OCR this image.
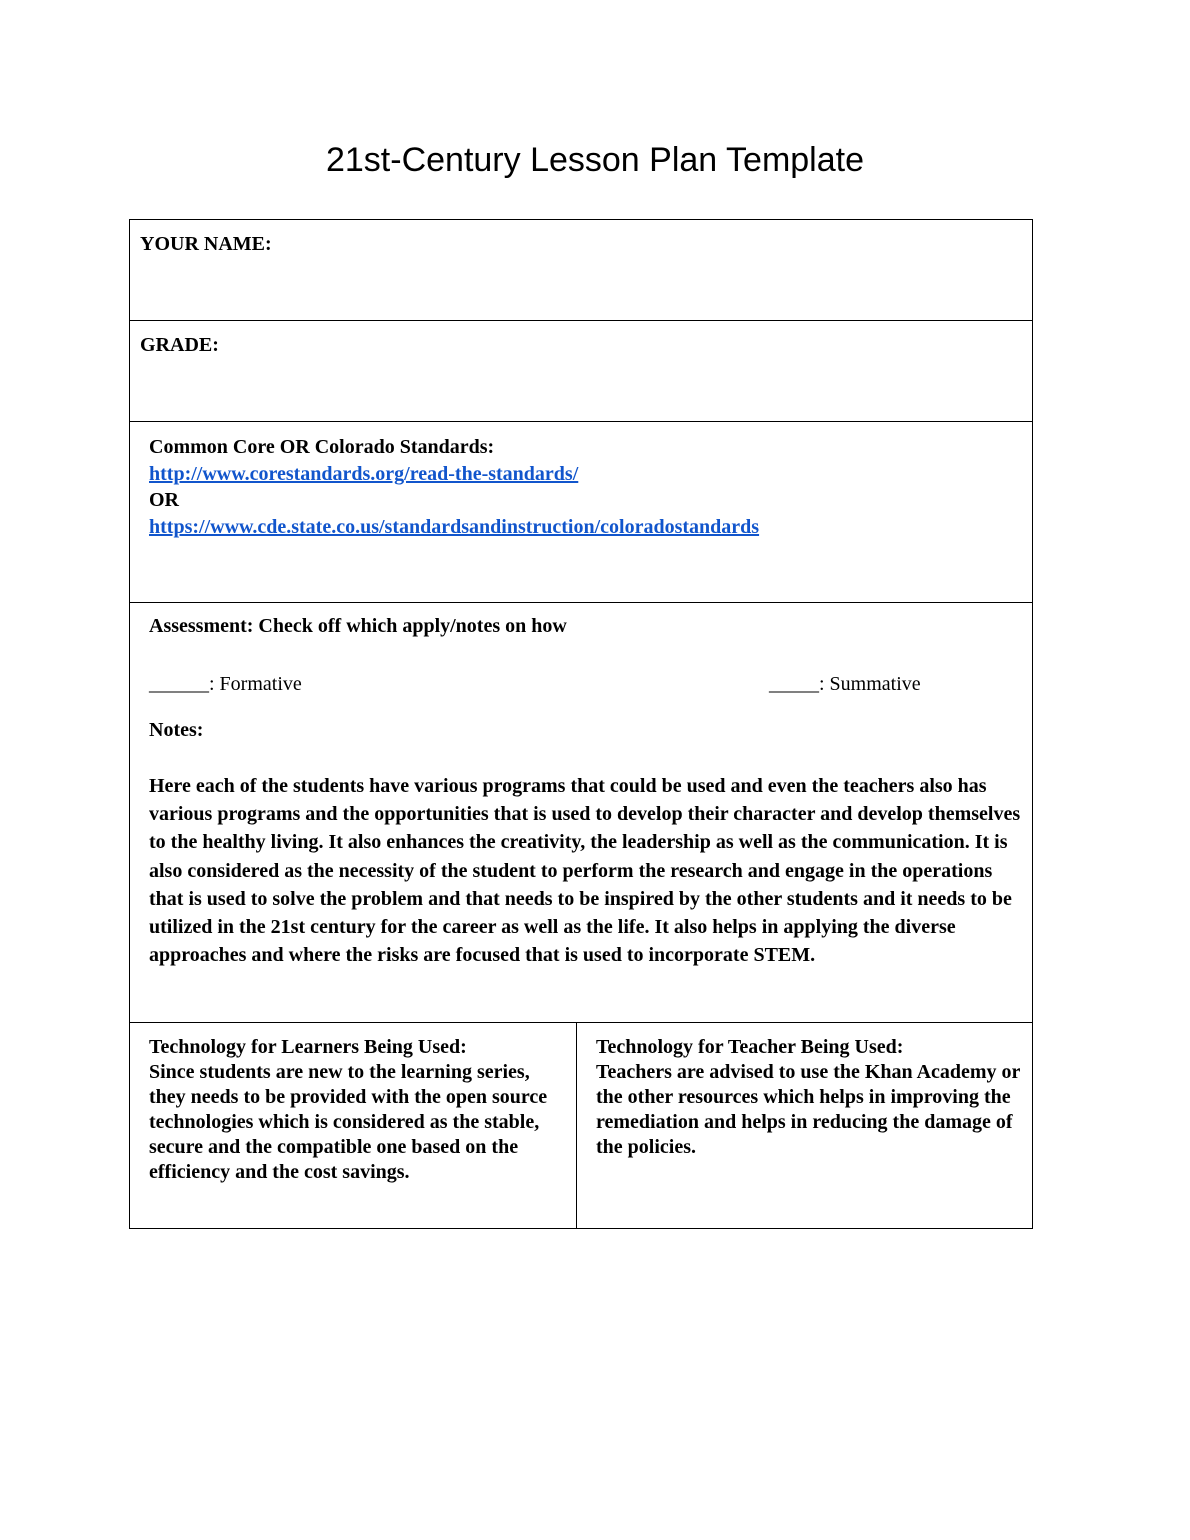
21st-Century Lesson Plan Template
YOUR NAME:

GRADE:

Common Core OR Colorado Standards:
http://www.corestandards.org/read-the-standards/
OR
https://www.cde.state.co.us/standardsandinstruction/coloradostandards

Assessment: Check off which apply/notes on how
______: Formative	_____: Summative
Notes:
Here each of the students have various programs that could be used and even the teachers also has various programs and the opportunities that is used to develop their character and develop themselves to the healthy living. It also enhances the creativity, the leadership as well as the communication. It is also considered as the necessity of the student to perform the research and engage in the operations that is used to solve the problem and that needs to be inspired by the other students and it needs to be utilized in the 21st century for the career as well as the life. It also helps in applying the diverse approaches and where the risks are focused that is used to incorporate STEM.

Technology for Learners Being Used:
Since students are new to the learning series, they needs to be provided with the open source technologies which is considered as the stable, secure and the compatible one based on the efficiency and the cost savings.

Technology for Teacher Being Used:
Teachers are advised to use the Khan Academy or the other resources which helps in improving the remediation and helps in reducing the damage of the policies.
